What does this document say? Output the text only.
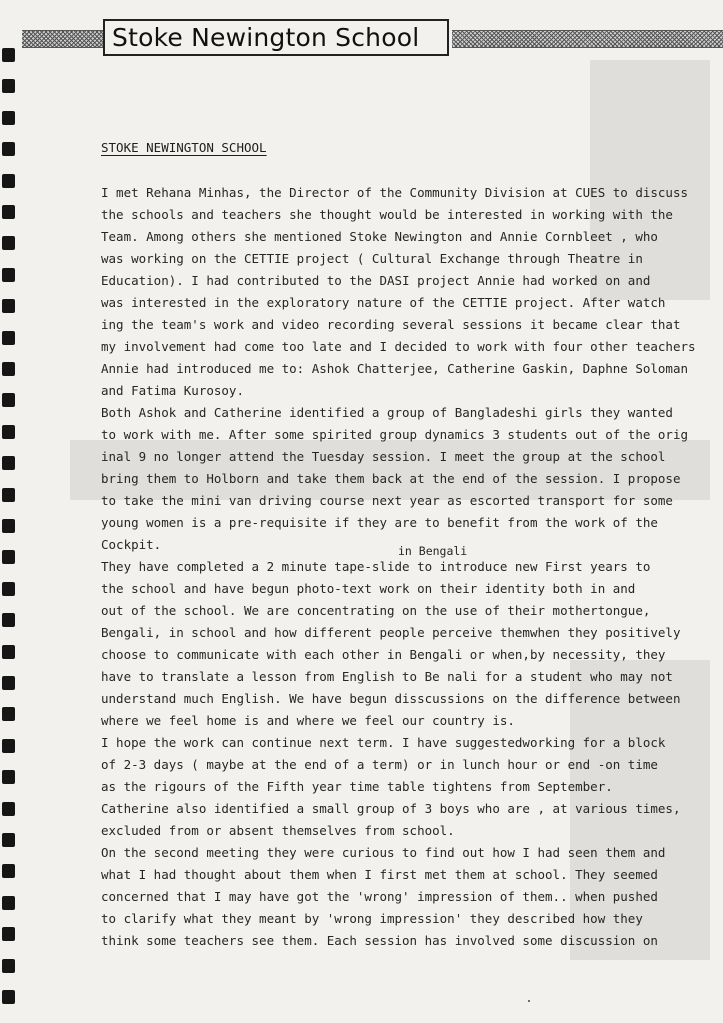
Stoke Newington School
STOKE NEWINGTON SCHOOL
I met Rehana Minhas, the Director of the Community Division at CUES to discuss
the schools and teachers she thought would be interested in working with the
Team. Among others she mentioned Stoke Newington and Annie Cornbleet , who
was working on the CETTIE project ( Cultural Exchange through Theatre in
Education). I had contributed to the DASI project Annie had worked on and
was interested in the exploratory nature of the CETTIE project. After watch
ing the team's work and video recording several sessions it became clear that
my involvement had come too late and I decided to work with four other teachers
Annie had introduced me to: Ashok Chatterjee, Catherine Gaskin, Daphne Soloman
and Fatima Kurosoy.
Both Ashok and Catherine identified a group of Bangladeshi girls they wanted
to work with me. After some spirited group dynamics 3 students out of the orig
inal 9 no longer attend the Tuesday session. I meet the group at the school
bring them to Holborn and take them back at the end of the session. I propose
to take the mini van driving course next year as escorted transport for some
young women is a pre-requisite if they are to benefit from the work of the
Cockpit.
They have completed a 2 minute tape-slide to introduce new First years to
the school and have begun photo-text work on their identity both in and
out of the school. We are concentrating on the use of their mothertongue,
Bengali, in school and how different people perceive themwhen they positively
choose to communicate with each other in Bengali or when,by necessity, they
have to translate a lesson from English to Be nali for a student who may not
understand much English. We have begun disscussions on the difference between
where we feel home is and where we feel our country is.
I hope the work can continue next term. I have suggestedworking for a block
of 2-3 days ( maybe at the end of a term) or in lunch hour or end -on time
as the rigours of the Fifth year time table tightens from September.
Catherine also identified a small group of 3 boys who are , at various times,
excluded from or absent themselves from school.
On the second meeting they were curious to find out how I had seen them and
what I had thought about them when I first met them at school. They seemed
concerned that I may have got the 'wrong' impression of them.. when pushed
to clarify what they meant by 'wrong impression' they described how they
think some teachers see them. Each session has involved some discussion on
in Bengali
